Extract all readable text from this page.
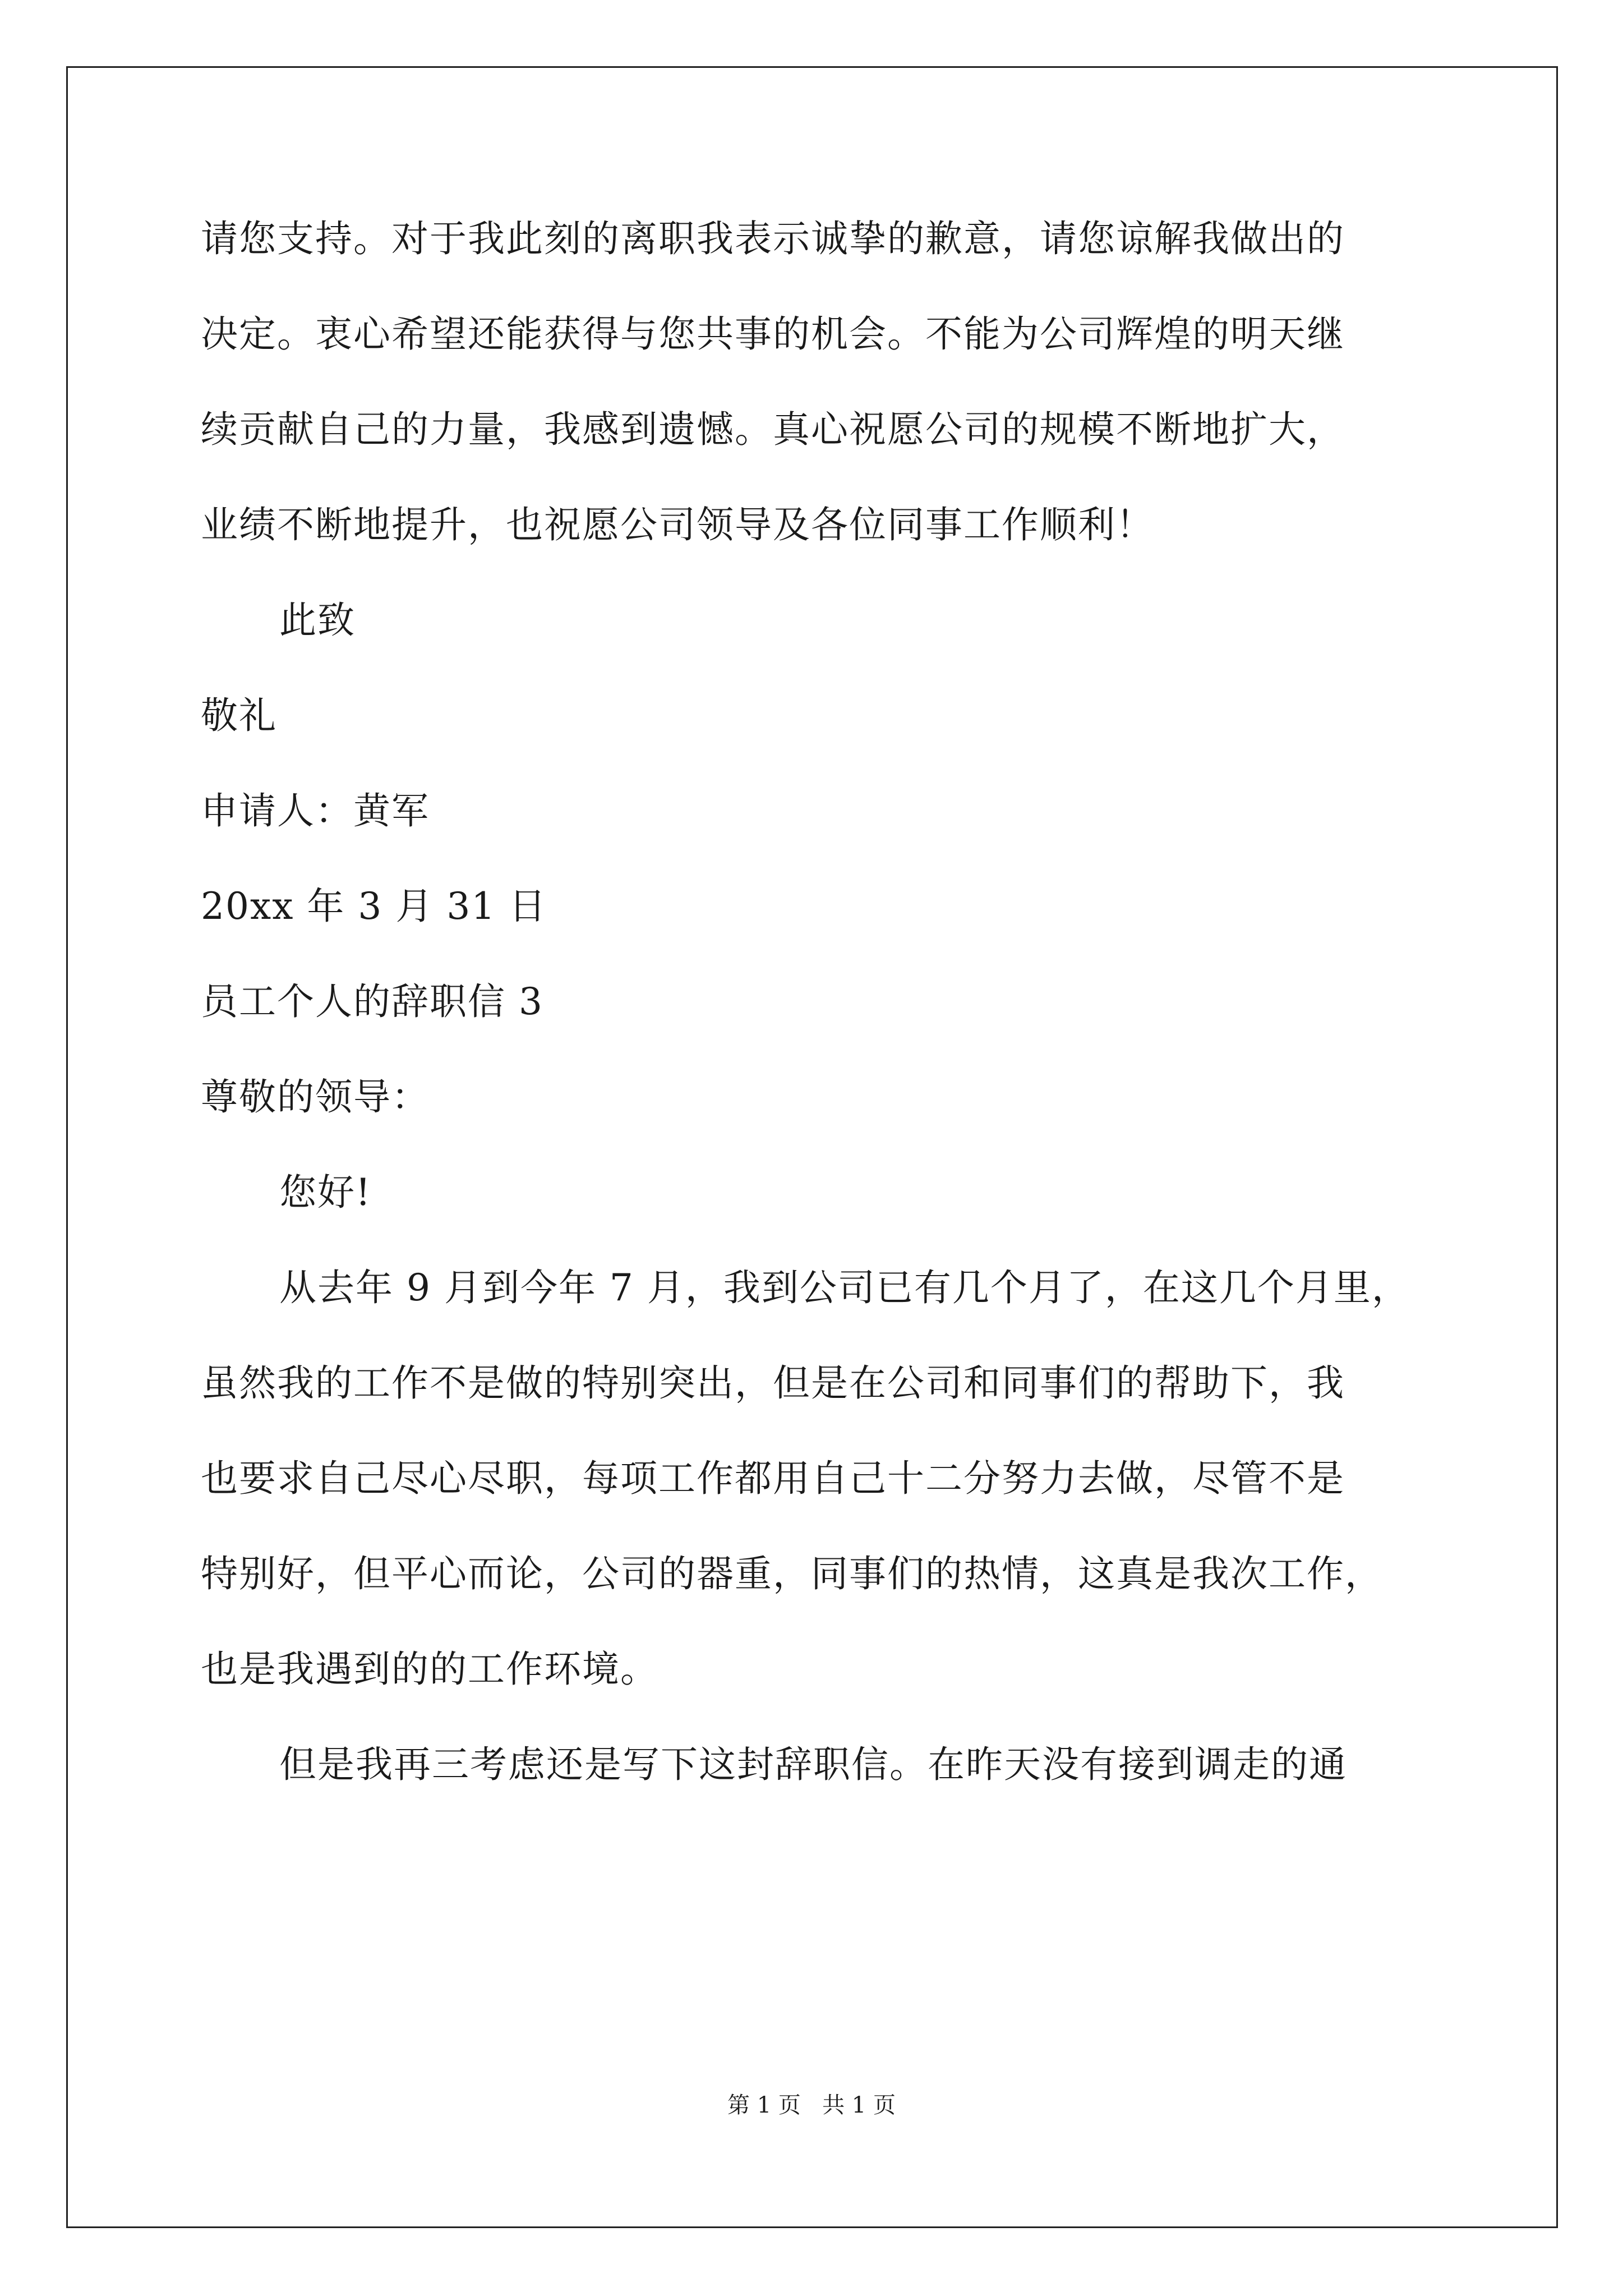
请您支持。对于我此刻的离职我表示诚挚的歉意，请您谅解我做出的
决定。衷心希望还能获得与您共事的机会。不能为公司辉煌的明天继
续贡献自己的力量，我感到遗憾。真心祝愿公司的规模不断地扩大，
业绩不断地提升，也祝愿公司领导及各位同事工作顺利！
此致
敬礼
申请人：黄军
20xx 年 3 月 31 日
员工个人的辞职信 3
尊敬的领导：
您好!
从去年 9 月到今年 7 月，我到公司已有几个月了，在这几个月里，
虽然我的工作不是做的特别突出，但是在公司和同事们的帮助下，我
也要求自己尽心尽职，每项工作都用自己十二分努力去做，尽管不是
特别好，但平心而论，公司的器重，同事们的热情，这真是我次工作，
也是我遇到的的工作环境。
但是我再三考虑还是写下这封辞职信。在昨天没有接到调走的通
第 1 页   共 1 页
